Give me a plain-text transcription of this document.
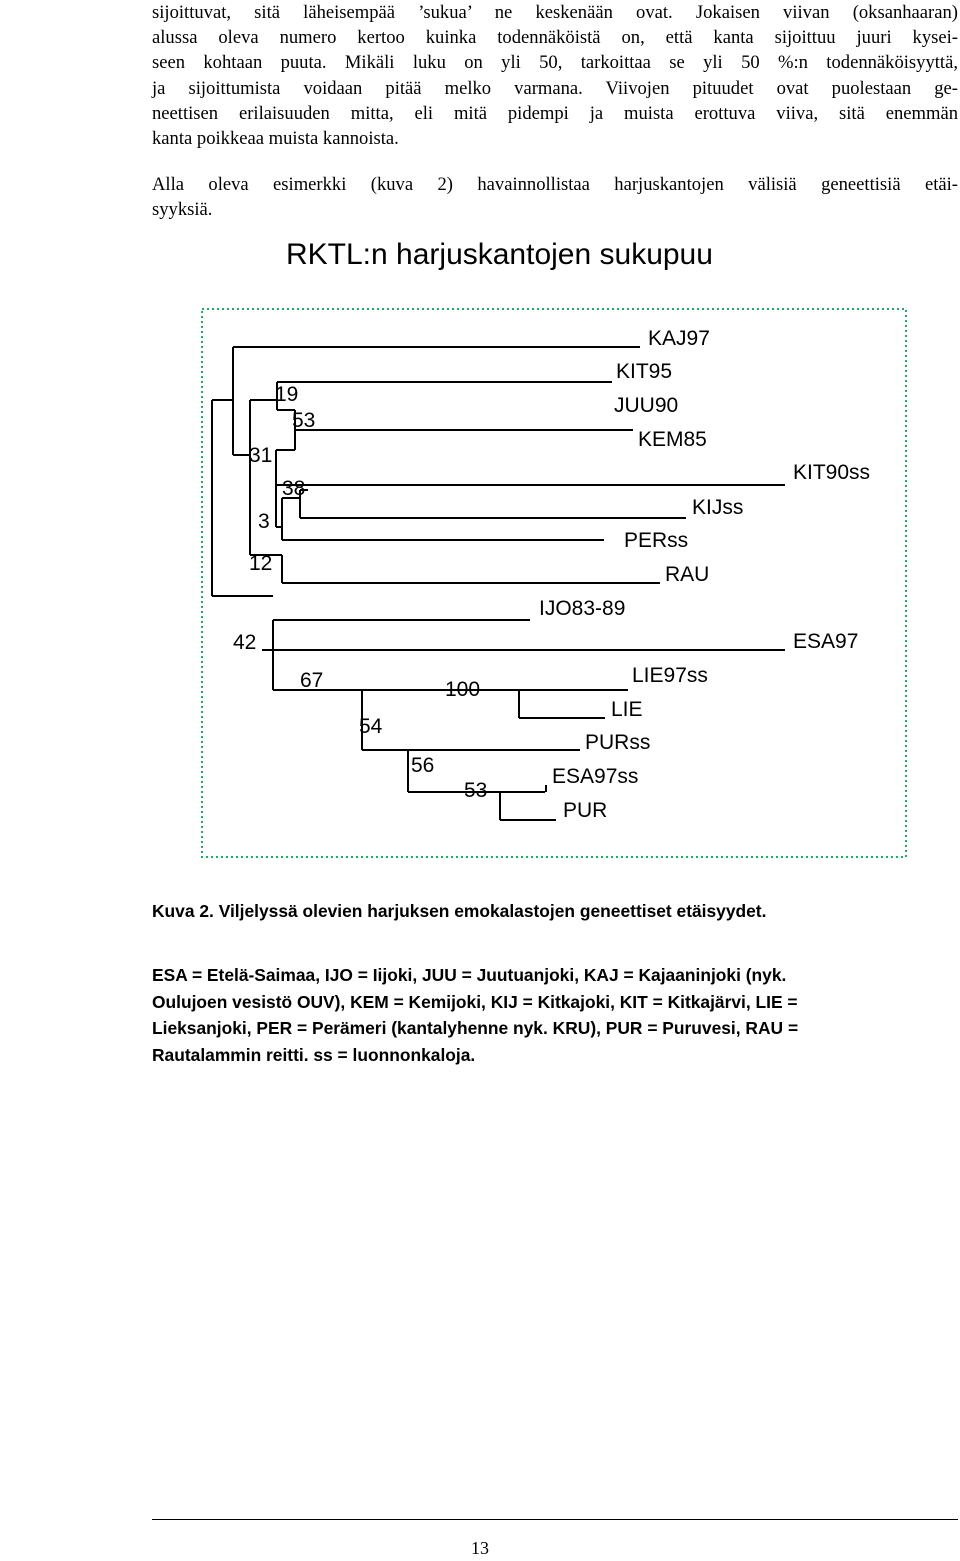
sijoittuvat, sitä läheisempää ’sukua’ ne keskenään ovat. Jokaisen viivan (oksanhaaran)
alussa oleva numero kertoo kuinka todennäköistä on, että kanta sijoittuu juuri kysei-
seen kohtaan puuta. Mikäli luku on yli 50, tarkoittaa se yli 50 %:n todennäköisyyttä,
ja sijoittumista voidaan pitää melko varmana. Viivojen pituudet ovat puolestaan ge-
neettisen erilaisuuden mitta, eli mitä pidempi ja muista erottuva viiva, sitä enemmän
kanta poikkeaa muista kannoista.
Alla oleva esimerkki (kuva 2) havainnollistaa harjuskantojen välisiä geneettisiä etäi-
syyksiä.
RKTL:n harjuskantojen sukupuu
KAJ97
KIT95
JUU90
KEM85
KIT90ss
KIJss
PERss
RAU
IJO83-89
ESA97
LIE97ss
LIE
PURss
ESA97ss
PUR
19
53
31
38
3
12
42
67	100
54
56
53
Kuva 2. Viljelyssä olevien harjuksen emokalastojen geneettiset etäisyydet.
ESA = Etelä-Saimaa, IJO = Iijoki, JUU = Juutuanjoki, KAJ = Kajaaninjoki (nyk.
Oulujoen vesistö OUV), KEM = Kemijoki, KIJ = Kitkajoki, KIT = Kitkajärvi, LIE =
Lieksanjoki, PER = Perämeri (kantalyhenne nyk. KRU), PUR = Puruvesi, RAU =
Rautalammin reitti. ss = luonnonkaloja.
13
